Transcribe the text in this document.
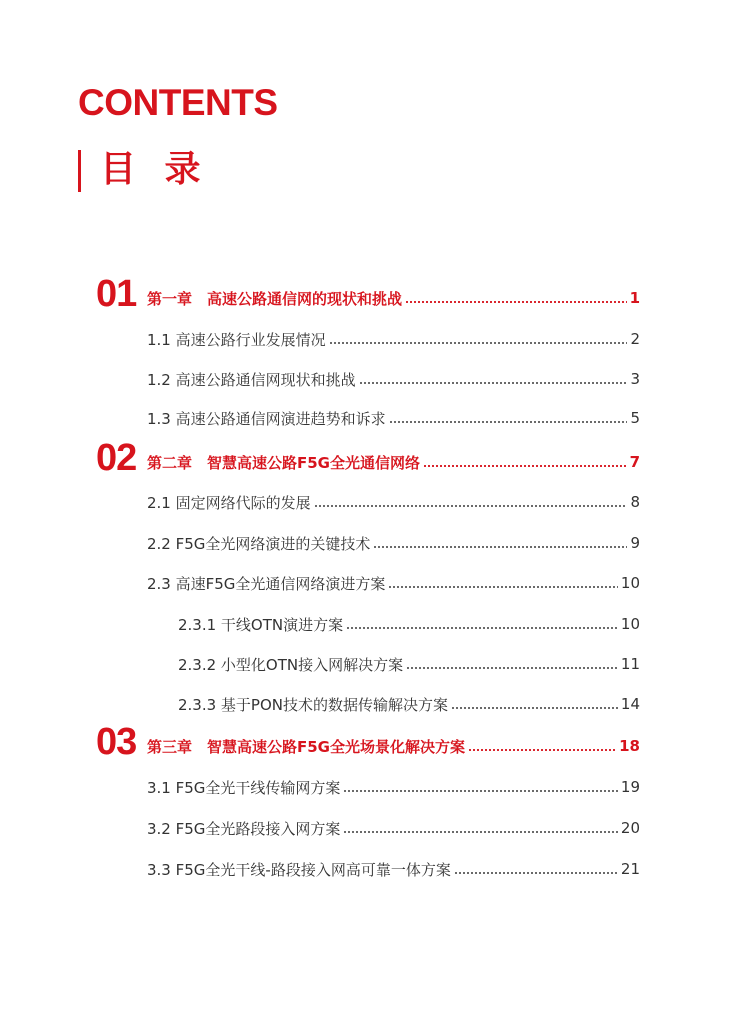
CONTENTS
目 录
01 第一章　高速公路通信网的现状和挑战	1
1.1 高速公路行业发展情况	2
1.2 高速公路通信网现状和挑战	3
1.3 高速公路通信网演进趋势和诉求	5
02 第二章　智慧高速公路F5G全光通信网络	7
2.1 固定网络代际的发展	8
2.2 F5G全光网络演进的关键技术	9
2.3 高速F5G全光通信网络演进方案	10
2.3.1 干线OTN演进方案	10
2.3.2 小型化OTN接入网解决方案	11
2.3.3 基于PON技术的数据传输解决方案	14
03 第三章　智慧高速公路F5G全光场景化解决方案	18
3.1 F5G全光干线传输网方案	19
3.2 F5G全光路段接入网方案	20
3.3 F5G全光干线-路段接入网高可靠一体方案	21
